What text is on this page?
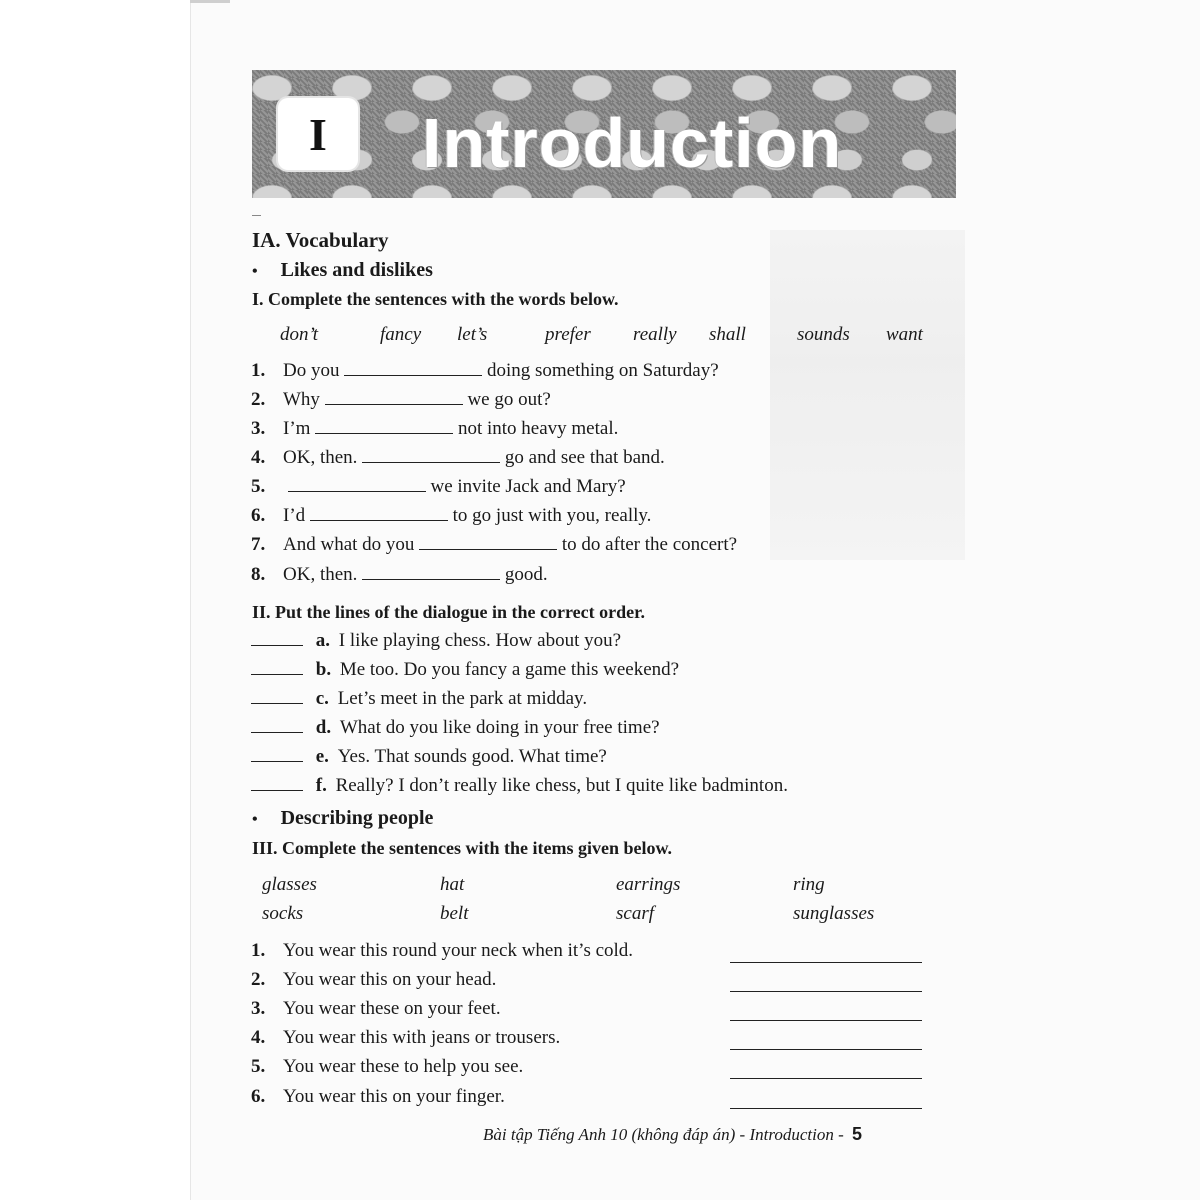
I	Introduction
IA. Vocabulary
• Likes and dislikes
I. Complete the sentences with the words below.
don’t	fancy let’s	prefer really shall	sounds want
1. Do you	doing something on Saturday?
2. Why	we go out?
3. I’m	not into heavy metal.
4. OK, then.	go and see that band.
5.	we invite Jack and Mary?
6. I’d	to go just with you, really.
7. And what do you	to do after the concert?
8. OK, then.	good.
II. Put the lines of the dialogue in the correct order.
a. I like playing chess. How about you?
b. Me too. Do you fancy a game this weekend?
c. Let’s meet in the park at midday.
d. What do you like doing in your free time?
e. Yes. That sounds good. What time?
f. Really? I don’t really like chess, but I quite like badminton.
• Describing people
III. Complete the sentences with the items given below.
glasses	hat	earrings	ring
socks	belt	scarf	sunglasses
1. You wear this round your neck when it’s cold.
2. You wear this on your head.
3. You wear these on your feet.
4. You wear this with jeans or trousers.
5. You wear these to help you see.
6. You wear this on your finger.
Bài tập Tiếng Anh 10 (không đáp án) - Introduction - 5
